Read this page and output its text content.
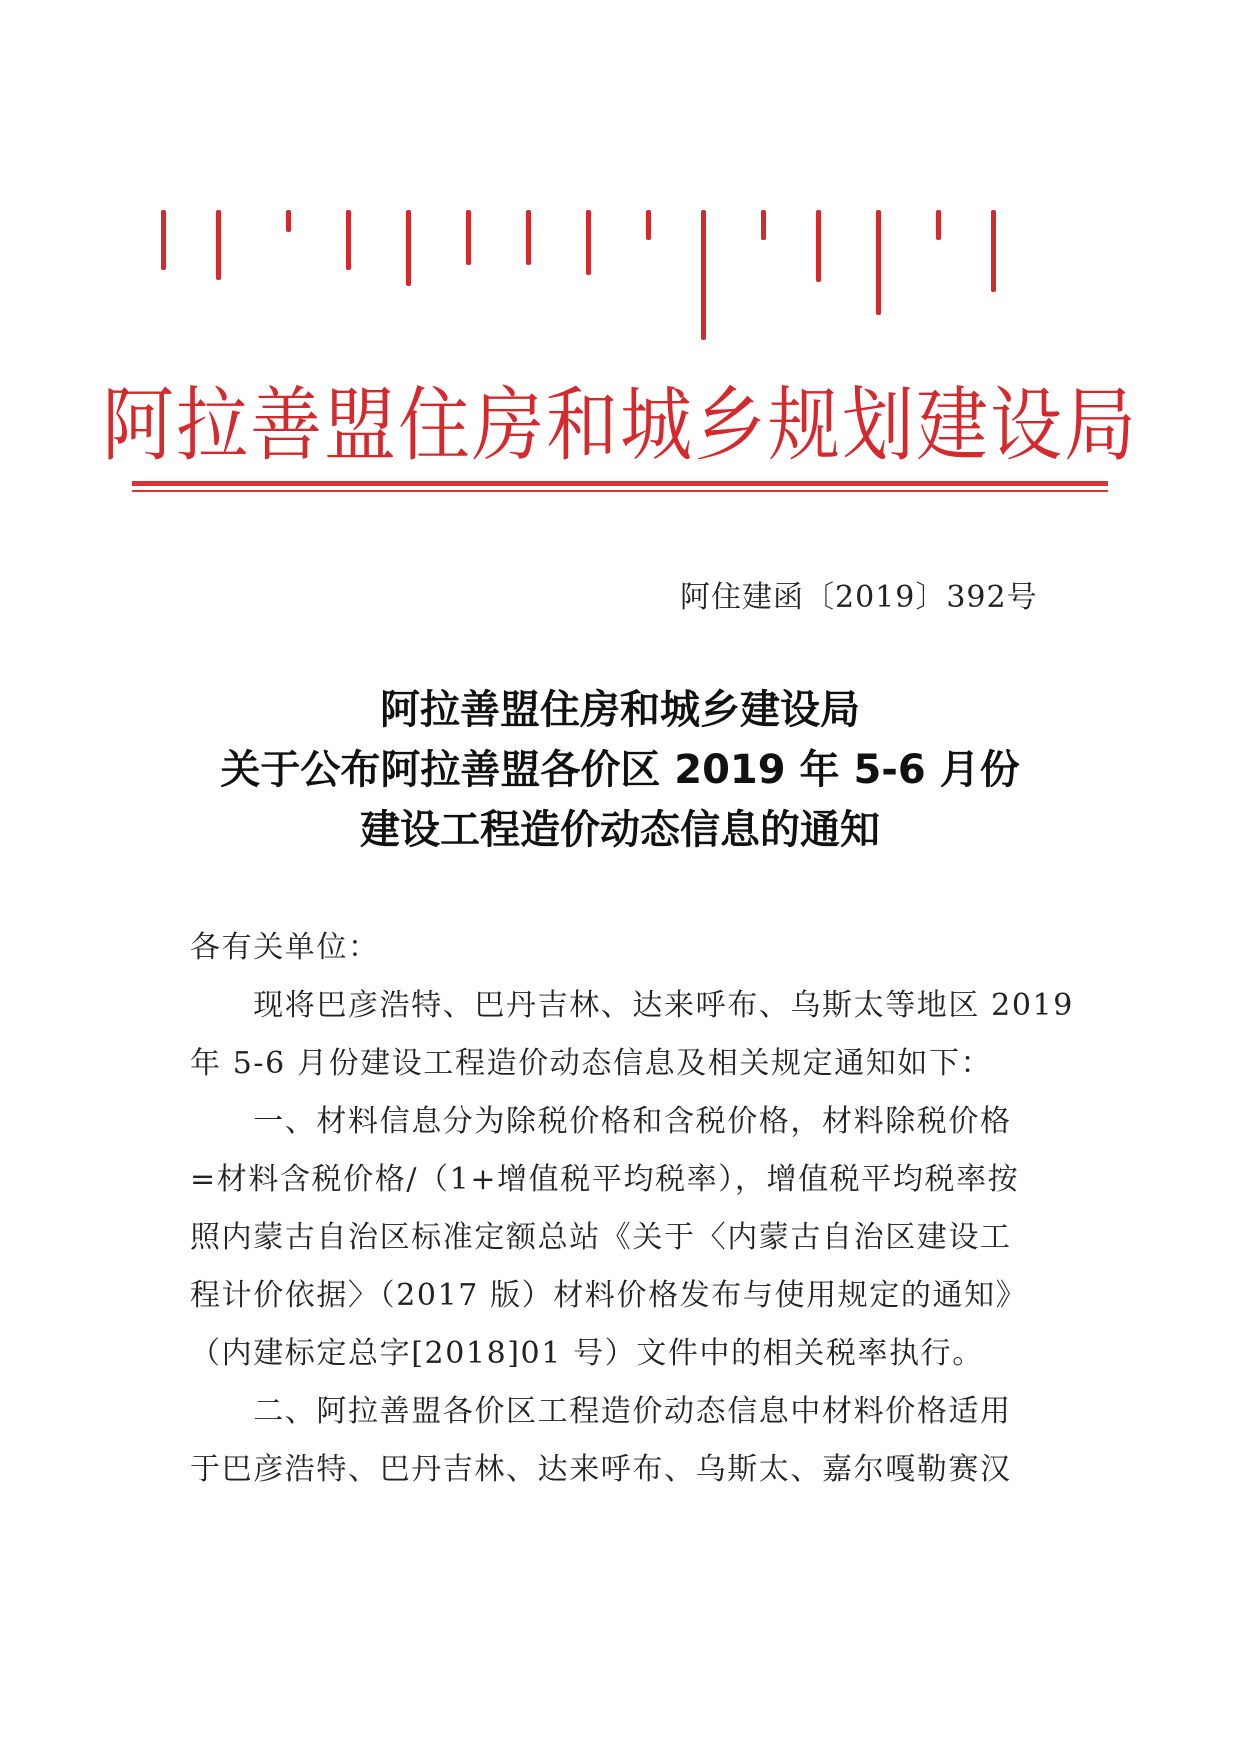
阿拉善盟住房和城乡规划建设局
阿住建函〔2019〕392号
阿拉善盟住房和城乡建设局
关于公布阿拉善盟各价区 2019 年 5-6 月份
建设工程造价动态信息的通知
各有关单位：
　　现将巴彦浩特、巴丹吉林、达来呼布、乌斯太等地区 2019
年 5-6 月份建设工程造价动态信息及相关规定通知如下：
　　一、材料信息分为除税价格和含税价格，材料除税价格
=材料含税价格/（1+增值税平均税率），增值税平均税率按
照内蒙古自治区标准定额总站《关于〈内蒙古自治区建设工
程计价依据〉（2017 版）材料价格发布与使用规定的通知》
（内建标定总字[2018]01 号）文件中的相关税率执行。
　　二、阿拉善盟各价区工程造价动态信息中材料价格适用
于巴彦浩特、巴丹吉林、达来呼布、乌斯太、嘉尔嘎勒赛汉
